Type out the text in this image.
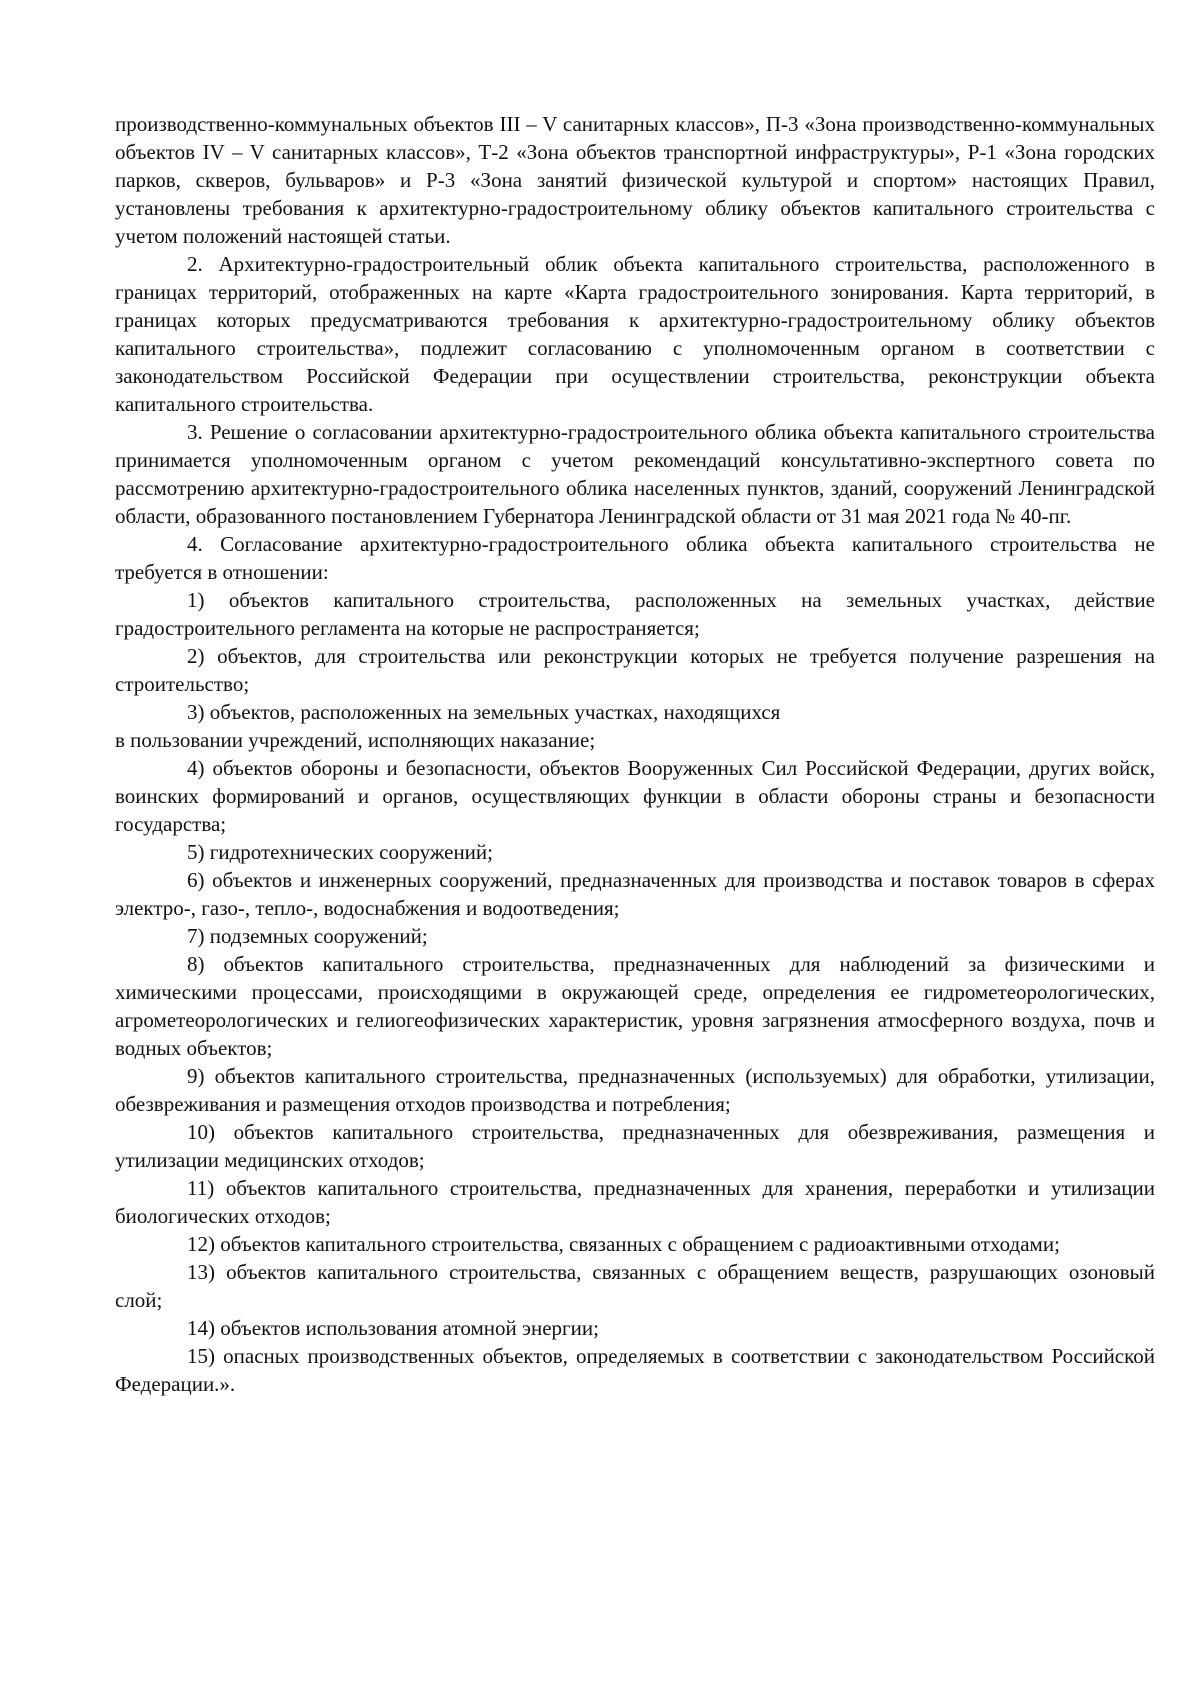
производственно-коммунальных объектов III – V санитарных классов», П-3 «Зона производственно-коммунальных объектов IV – V санитарных классов», Т-2 «Зона объектов транспортной инфраструктуры», Р-1 «Зона городских парков, скверов, бульваров» и Р-3 «Зона занятий физической культурой и спортом» настоящих Правил, установлены требования к архитектурно-градостроительному облику объектов капитального строительства с учетом положений настоящей статьи.

2. Архитектурно-градостроительный облик объекта капитального строительства, расположенного в границах территорий, отображенных на карте «Карта градостроительного зонирования. Карта территорий, в границах которых предусматриваются требования к архитектурно-градостроительному облику объектов капитального строительства», подлежит согласованию с уполномоченным органом в соответствии с законодательством Российской Федерации при осуществлении строительства, реконструкции объекта капитального строительства.

3. Решение о согласовании архитектурно-градостроительного облика объекта капитального строительства принимается уполномоченным органом с учетом рекомендаций консультативно-экспертного совета по рассмотрению архитектурно-градостроительного облика населенных пунктов, зданий, сооружений Ленинградской области, образованного постановлением Губернатора Ленинградской области от 31 мая 2021 года № 40-пг.

4. Согласование архитектурно-градостроительного облика объекта капитального строительства не требуется в отношении:

1) объектов капитального строительства, расположенных на земельных участках, действие градостроительного регламента на которые не распространяется;

2) объектов, для строительства или реконструкции которых не требуется получение разрешения на строительство;

3) объектов, расположенных на земельных участках, находящихся

в пользовании учреждений, исполняющих наказание;

4) объектов обороны и безопасности, объектов Вооруженных Сил Российской Федерации, других войск, воинских формирований и органов, осуществляющих функции в области обороны страны и безопасности государства;

5) гидротехнических сооружений;

6) объектов и инженерных сооружений, предназначенных для производства и поставок товаров в сферах электро-, газо-, тепло-, водоснабжения и водоотведения;

7) подземных сооружений;

8) объектов капитального строительства, предназначенных для наблюдений за физическими и химическими процессами, происходящими в окружающей среде, определения ее гидрометеорологических, агрометеорологических и гелиогеофизических характеристик, уровня загрязнения атмосферного воздуха, почв и водных объектов;

9) объектов капитального строительства, предназначенных (используемых) для обработки, утилизации, обезвреживания и размещения отходов производства и потребления;

10) объектов капитального строительства, предназначенных для обезвреживания, размещения и утилизации медицинских отходов;

11) объектов капитального строительства, предназначенных для хранения, переработки и утилизации биологических отходов;

12) объектов капитального строительства, связанных с обращением с радиоактивными отходами;

13) объектов капитального строительства, связанных с обращением веществ, разрушающих озоновый слой;

14) объектов использования атомной энергии;

15) опасных производственных объектов, определяемых в соответствии с законодательством Российской Федерации.».
